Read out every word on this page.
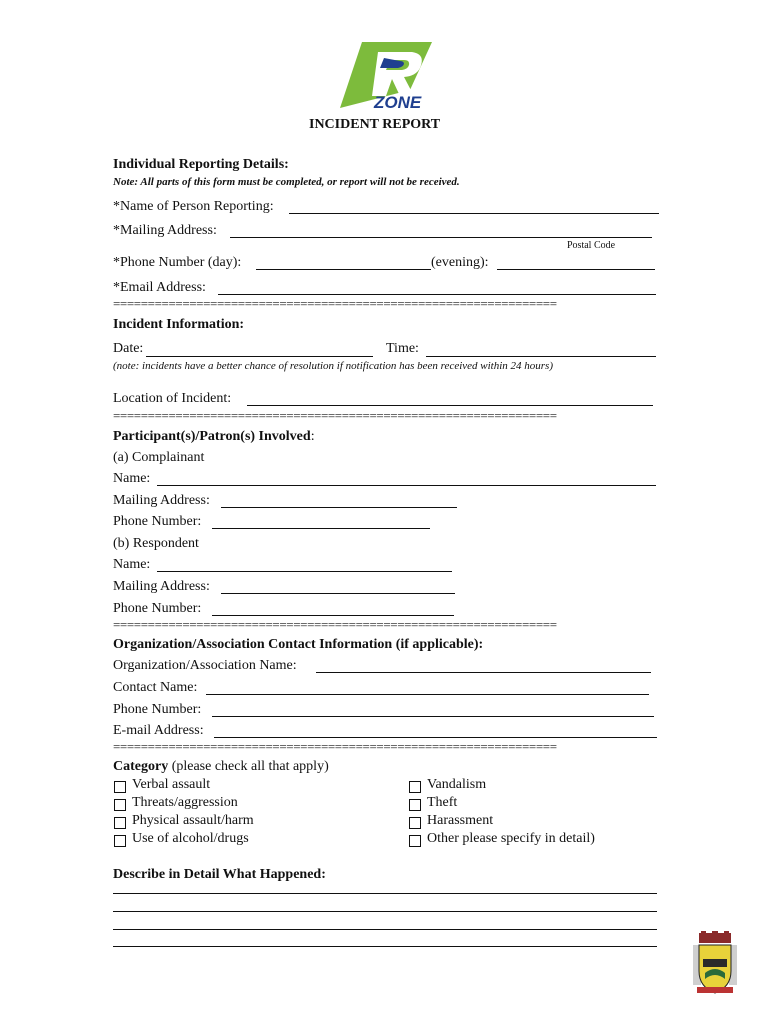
ZONE
INCIDENT REPORT
Individual Reporting Details:
Note: All parts of this form must be completed, or report will not be received.
*Name of Person Reporting:
*Mailing Address:
Postal Code
*Phone Number (day):	(evening):
*Email Address:
================================================================
Incident Information:
Date:	Time:
(note: incidents have a better chance of resolution if notification has been received within 24 hours)
Location of Incident:
================================================================
Participant(s)/Patron(s) Involved:
(a) Complainant
Name:
Mailing Address:
Phone Number:
(b) Respondent
Name:
Mailing Address:
Phone Number:
================================================================
Organization/Association Contact Information (if applicable):
Organization/Association Name:
Contact Name:
Phone Number:
E-mail Address:
================================================================
Category (please check all that apply)
Verbal assault
Threats/aggression
Physical assault/harm
Use of alcohol/drugs
Vandalism
Theft
Harassment
Other please specify in detail)
Describe in Detail What Happened:
